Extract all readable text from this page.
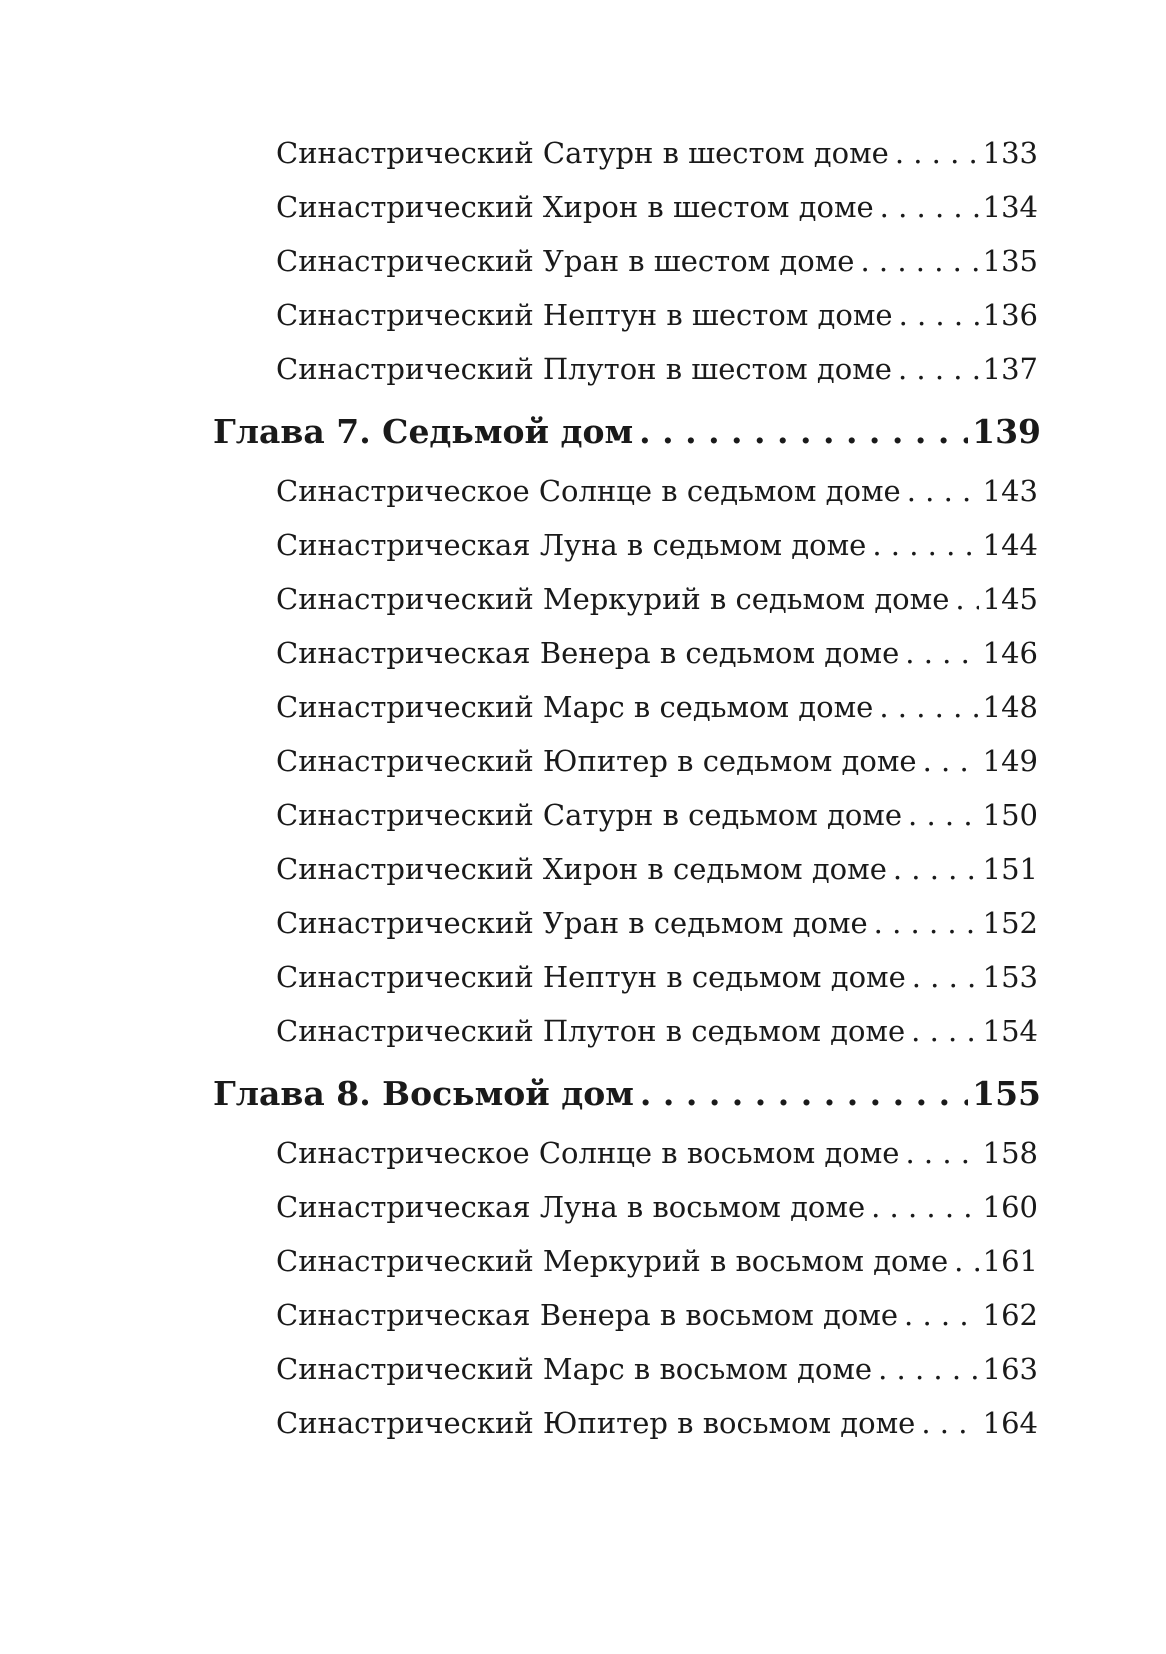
Синастрический Сатурн в шестом доме . . .	133
Синастрический Хирон в шестом доме . . .	134
Синастрический Уран в шестом доме . . .	135
Синастрический Нептун в шестом доме . . .	136
Синастрический Плутон в шестом доме . . .	137
Глава 7. Седьмой дом . . .	139
Синастрическое Солнце в седьмом доме . . .	143
Синастрическая Луна в седьмом доме . . .	144
Синастрический Меркурий в седьмом доме . . . 145
Синастрическая Венера в седьмом доме . . .	146
Синастрический Марс в седьмом доме . . .	148
Синастрический Юпитер в седьмом доме . . . 149
Синастрический Сатурн в седьмом доме . . .	150
Синастрический Хирон в седьмом доме . . .	151
Синастрический Уран в седьмом доме . . .	152
Синастрический Нептун в седьмом доме . . .	153
Синастрический Плутон в седьмом доме . . .	154
Глава 8. Восьмой дом . . .	155
Синастрическое Солнце в восьмом доме . . .	158
Синастрическая Луна в восьмом доме . . .	160
Синастрический Меркурий в восьмом доме . . . 161
Синастрическая Венера в восьмом доме . . .	162
Синастрический Марс в восьмом доме . . .	163
Синастрический Юпитер в восьмом доме . . . 164
